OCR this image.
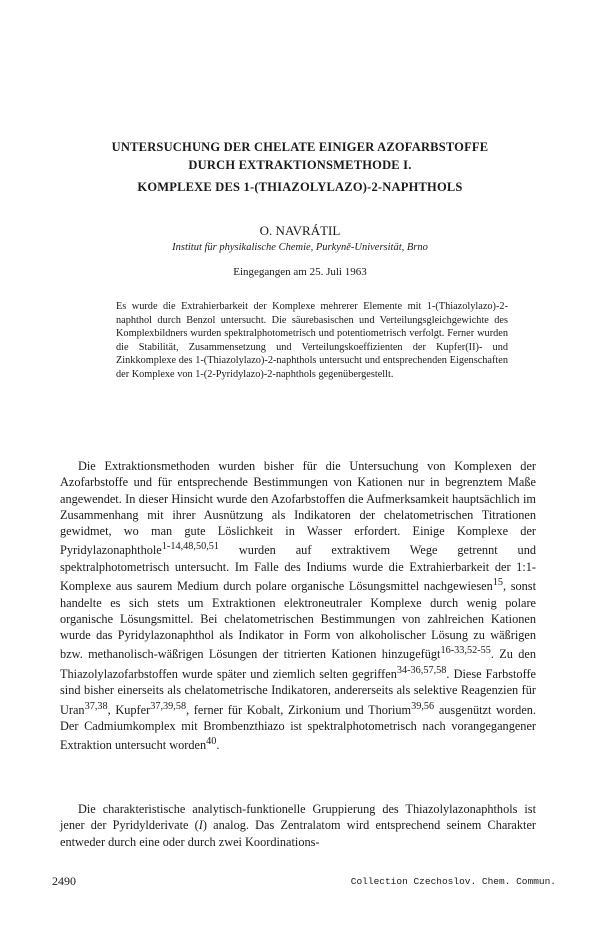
UNTERSUCHUNG DER CHELATE EINIGER AZOFARBSTOFFE

DURCH EXTRAKTIONSMETHODE I.

KOMPLEXE DES 1-(THIAZOLYLAZO)-2-NAPHTHOLS

O. NAVRÁTIL

Institut für physikalische Chemie, Purkyně-Universität, Brno

Eingegangen am 25. Juli 1963

Es wurde die Extrahierbarkeit der Komplexe mehrerer Elemente mit 1-(Thiazolylazo)-2-naphthol durch Benzol untersucht. Die säurebasischen und Verteilungsgleichgewichte des Komplexbildners wurden spektralphotometrisch und potentiometrisch verfolgt. Ferner wurden die Stabilität, Zusammensetzung und Verteilungskoeffizienten der Kupfer(II)- und Zinkkomplexe des 1-(Thiazolylazo)-2-naphthols untersucht und entsprechenden Eigenschaften der Komplexe von 1-(2-Pyridylazo)-2-naphthols gegenübergestellt.

Die Extraktionsmethoden wurden bisher für die Untersuchung von Komplexen der Azofarbstoffe und für entsprechende Bestimmungen von Kationen nur in begrenztem Maße angewendet. In dieser Hinsicht wurde den Azofarbstoffen die Aufmerksamkeit hauptsächlich im Zusammenhang mit ihrer Ausnützung als Indikatoren der chelatometrischen Titrationen gewidmet, wo man gute Löslichkeit in Wasser erfordert. Einige Komplexe der Pyridylazonaphthole$^{1-14,48,50,51}$ wurden auf extraktivem Wege getrennt und spektralphotometrisch untersucht. Im Falle des Indiums wurde die Extrahierbarkeit der 1:1-Komplexe aus saurem Medium durch polare organische Lösungsmittel nachgewiesen$^{15}$, sonst handelte es sich stets um Extraktionen elektroneutraler Komplexe durch wenig polare organische Lösungsmittel. Bei chelatometrischen Bestimmungen von zahlreichen Kationen wurde das Pyridylazonaphthol als Indikator in Form von alkoholischer Lösung zu wäßrigen bzw. methanolisch-wäßrigen Lösungen der titrierten Kationen hinzugefügt$^{16-33,52-55}$. Zu den Thiazolylazofarbstoffen wurde später und ziemlich selten gegriffen$^{34-36,57,58}$. Diese Farbstoffe sind bisher einerseits als chelatometrische Indikatoren, andererseits als selektive Reagenzien für Uran$^{37,38}$, Kupfer$^{37,39,58}$, ferner für Kobalt, Zirkonium und Thorium$^{39,56}$ ausgenützt worden. Der Cadmiumkomplex mit Brombenzthiazo ist spektralphotometrisch nach vorangegangener Extraktion untersucht worden$^{40}$.

Die charakteristische analytisch-funktionelle Gruppierung des Thiazolylazonaphthols ist jener der Pyridylderivate (I) analog. Das Zentralatom wird entsprechend seinem Charakter entweder durch eine oder durch zwei Koordinations-

2490	Collection Czechoslov. Chem. Commun.
